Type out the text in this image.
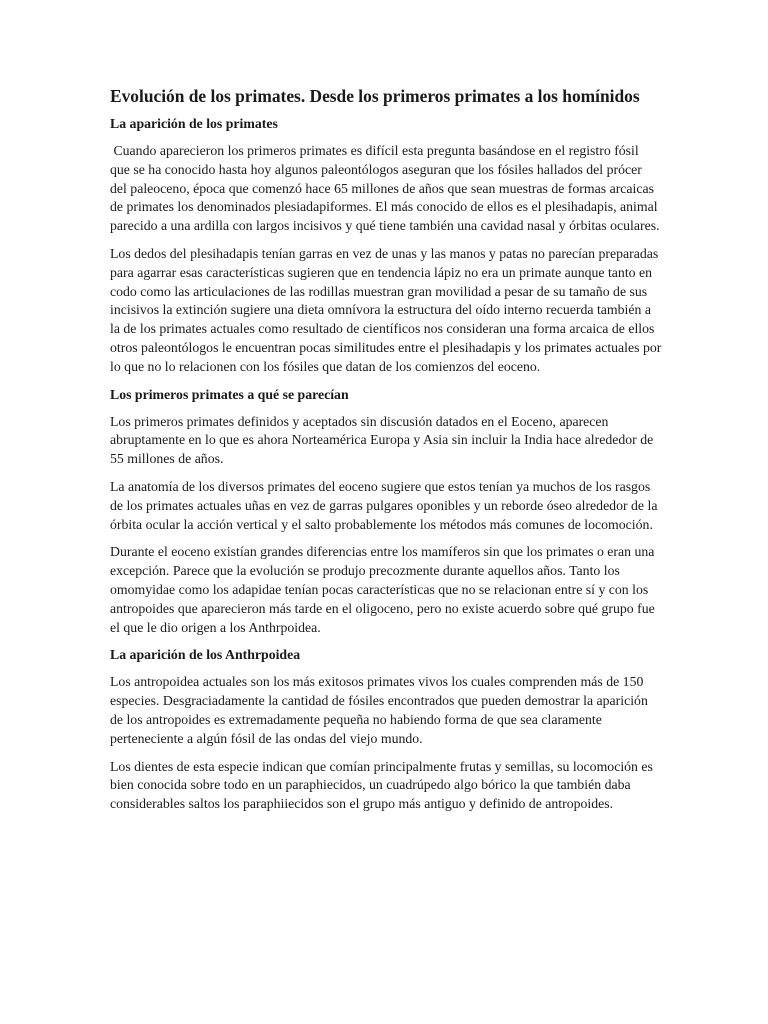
Evolución de los primates. Desde los primeros primates a los homínidos
La aparición de los primates

Cuando aparecieron los primeros primates es difícil esta pregunta basándose en el registro fósil que se ha conocido hasta hoy algunos paleontólogos aseguran que los fósiles hallados del prócer del paleoceno, época que comenzó hace 65 millones de años que sean muestras de formas arcaicas de primates los denominados plesiadapiformes. El más conocido de ellos es el plesihadapis, animal parecido a una ardilla con largos incisivos y qué tiene también una cavidad nasal y órbitas oculares.

Los dedos del plesihadapis tenían garras en vez de unas y las manos y patas no parecían preparadas para agarrar esas características sugieren que en tendencia lápiz no era un primate aunque tanto en codo como las articulaciones de las rodillas muestran gran movilidad a pesar de su tamaño de sus incisivos la extinción sugiere una dieta omnívora la estructura del oído interno recuerda también a la de los primates actuales como resultado de científicos nos consideran una forma arcaica de ellos otros paleontólogos le encuentran pocas similitudes entre el plesihadapis y los primates actuales por lo que no lo relacionen con los fósiles que datan de los comienzos del eoceno.

Los primeros primates a qué se parecían

Los primeros primates definidos y aceptados sin discusión datados en el Eoceno, aparecen abruptamente en lo que es ahora Norteamérica Europa y Asia sin incluir la India hace alrededor de 55 millones de años.

La anatomía de los diversos primates del eoceno sugiere que estos tenían ya muchos de los rasgos de los primates actuales uñas en vez de garras pulgares oponibles y un reborde óseo alrededor de la órbita ocular la acción vertical y el salto probablemente los métodos más comunes de locomoción.

Durante el eoceno existían grandes diferencias entre los mamíferos sin que los primates o eran una excepción. Parece que la evolución se produjo precozmente durante aquellos años. Tanto los omomyidae como los adapidae tenían pocas características que no se relacionan entre sí y con los antropoides que aparecieron más tarde en el oligoceno, pero no existe acuerdo sobre qué grupo fue el que le dio origen a los Anthrpoidea.

La aparición de los Anthrpoidea

Los antropoidea actuales son los más exitosos primates vivos los cuales comprenden más de 150 especies. Desgraciadamente la cantidad de fósiles encontrados que pueden demostrar la aparición de los antropoides es extremadamente pequeña no habiendo forma de que sea claramente perteneciente a algún fósil de las ondas del viejo mundo.

Los dientes de esta especie indican que comían principalmente frutas y semillas, su locomoción es bien conocida sobre todo en un paraphiecidos, un cuadrúpedo algo bórico la que también daba considerables saltos los paraphiiecidos son el grupo más antiguo y definido de antropoides.
